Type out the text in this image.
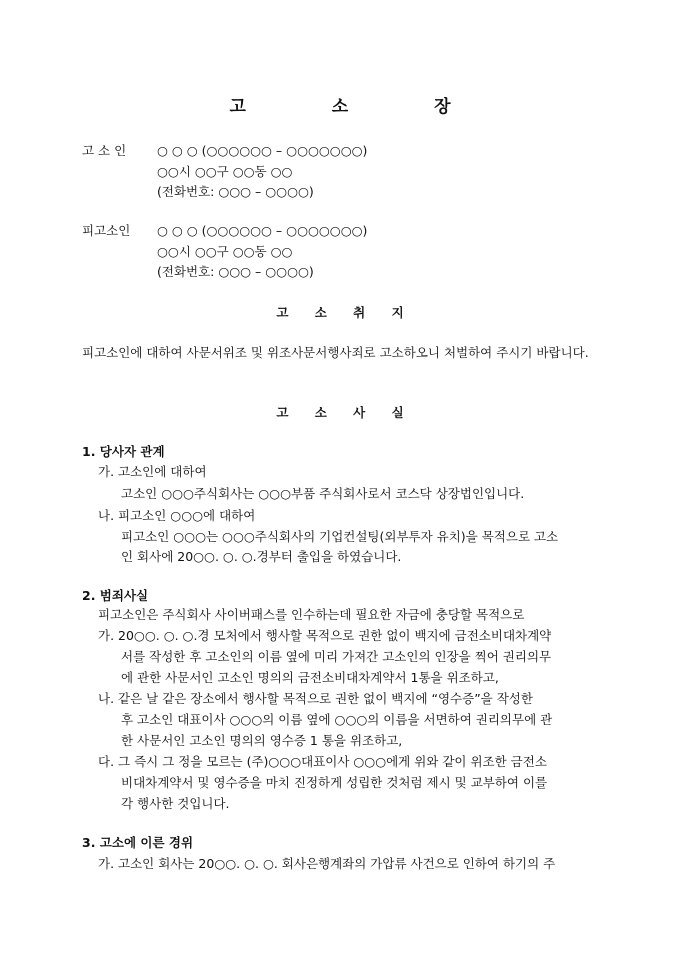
고 소 장
고 소 인	○ ○ ○ (○○○○○○ – ○○○○○○○)
○○시 ○○구 ○○동 ○○
(전화번호: ○○○ – ○○○○)
피고소인	○ ○ ○ (○○○○○○ – ○○○○○○○)
○○시 ○○구 ○○동 ○○
(전화번호: ○○○ – ○○○○)
고 소 취 지
피고소인에 대하여 사문서위조 및 위조사문서행사죄로 고소하오니 처벌하여 주시기 바랍니다.
고 소 사 실
1. 당사자 관계
가. 고소인에 대하여
고소인 ○○○주식회사는 ○○○부품 주식회사로서 코스닥 상장법인입니다.
나. 피고소인 ○○○에 대하여
피고소인 ○○○는 ○○○주식회사의 기업컨설팅(외부투자 유치)을 목적으로 고소
인 회사에 20○○. ○. ○.경부터 출입을 하였습니다.
2. 범죄사실
피고소인은 주식회사 사이버패스를 인수하는데 필요한 자금에 충당할 목적으로
가. 20○○. ○. ○.경 모처에서 행사할 목적으로 권한 없이 백지에 금전소비대차계약
서를 작성한 후 고소인의 이름 옆에 미리 가져간 고소인의 인장을 찍어 권리의무
에 관한 사문서인 고소인 명의의 금전소비대차계약서 1통을 위조하고,
나. 같은 날 같은 장소에서 행사할 목적으로 권한 없이 백지에 “영수증”을 작성한
후 고소인 대표이사 ○○○의 이름 옆에 ○○○의 이름을 서면하여 권리의무에 관
한 사문서인 고소인 명의의 영수증 1 통을 위조하고,
다. 그 즉시 그 정을 모르는 (주)○○○대표이사 ○○○에게 위와 같이 위조한 금전소
비대차계약서 및 영수증을 마치 진정하게 성립한 것처럼 제시 및 교부하여 이를
각 행사한 것입니다.
3. 고소에 이른 경위
가. 고소인 회사는 20○○. ○. ○. 회사은행계좌의 가압류 사건으로 인하여 하기의 주
